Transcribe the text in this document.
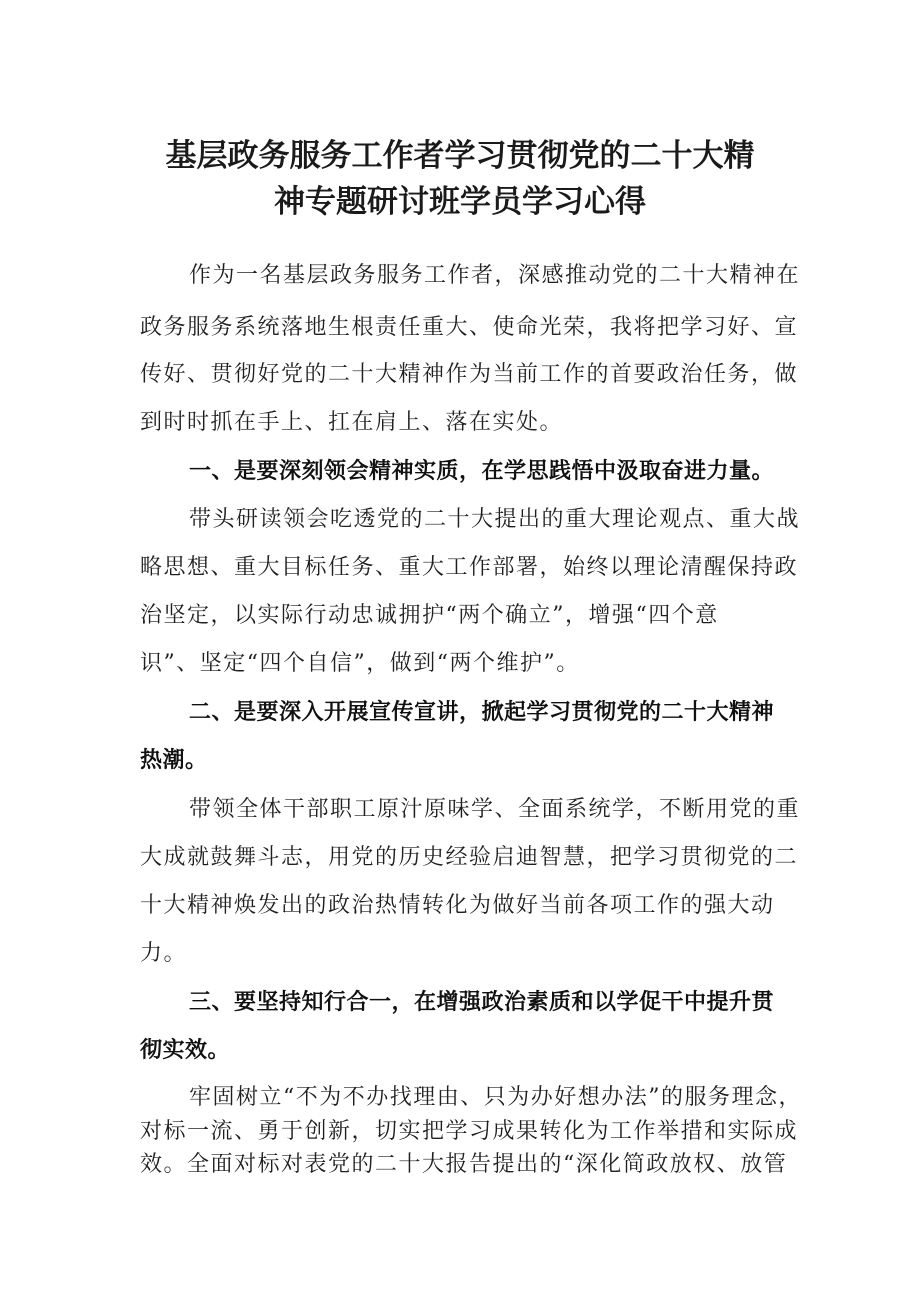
基层政务服务工作者学习贯彻党的二十大精
神专题研讨班学员学习心得
作为一名基层政务服务工作者，深感推动党的二十大精神在
政务服务系统落地生根责任重大、使命光荣，我将把学习好、宣
传好、贯彻好党的二十大精神作为当前工作的首要政治任务，做
到时时抓在手上、扛在肩上、落在实处。
一、是要深刻领会精神实质，在学思践悟中汲取奋进力量。
带头研读领会吃透党的二十大提出的重大理论观点、重大战
略思想、重大目标任务、重大工作部署，始终以理论清醒保持政
治坚定，以实际行动忠诚拥护“两个确立”，增强“四个意
识”、坚定“四个自信”，做到“两个维护”。
二、是要深入开展宣传宣讲，掀起学习贯彻党的二十大精神
热潮。
带领全体干部职工原汁原味学、全面系统学，不断用党的重
大成就鼓舞斗志，用党的历史经验启迪智慧，把学习贯彻党的二
十大精神焕发出的政治热情转化为做好当前各项工作的强大动
力。
三、要坚持知行合一，在增强政治素质和以学促干中提升贯
彻实效。
牢固树立“不为不办找理由、只为办好想办法”的服务理念，
对标一流、勇于创新，切实把学习成果转化为工作举措和实际成
效。全面对标对表党的二十大报告提出的“深化简政放权、放管
